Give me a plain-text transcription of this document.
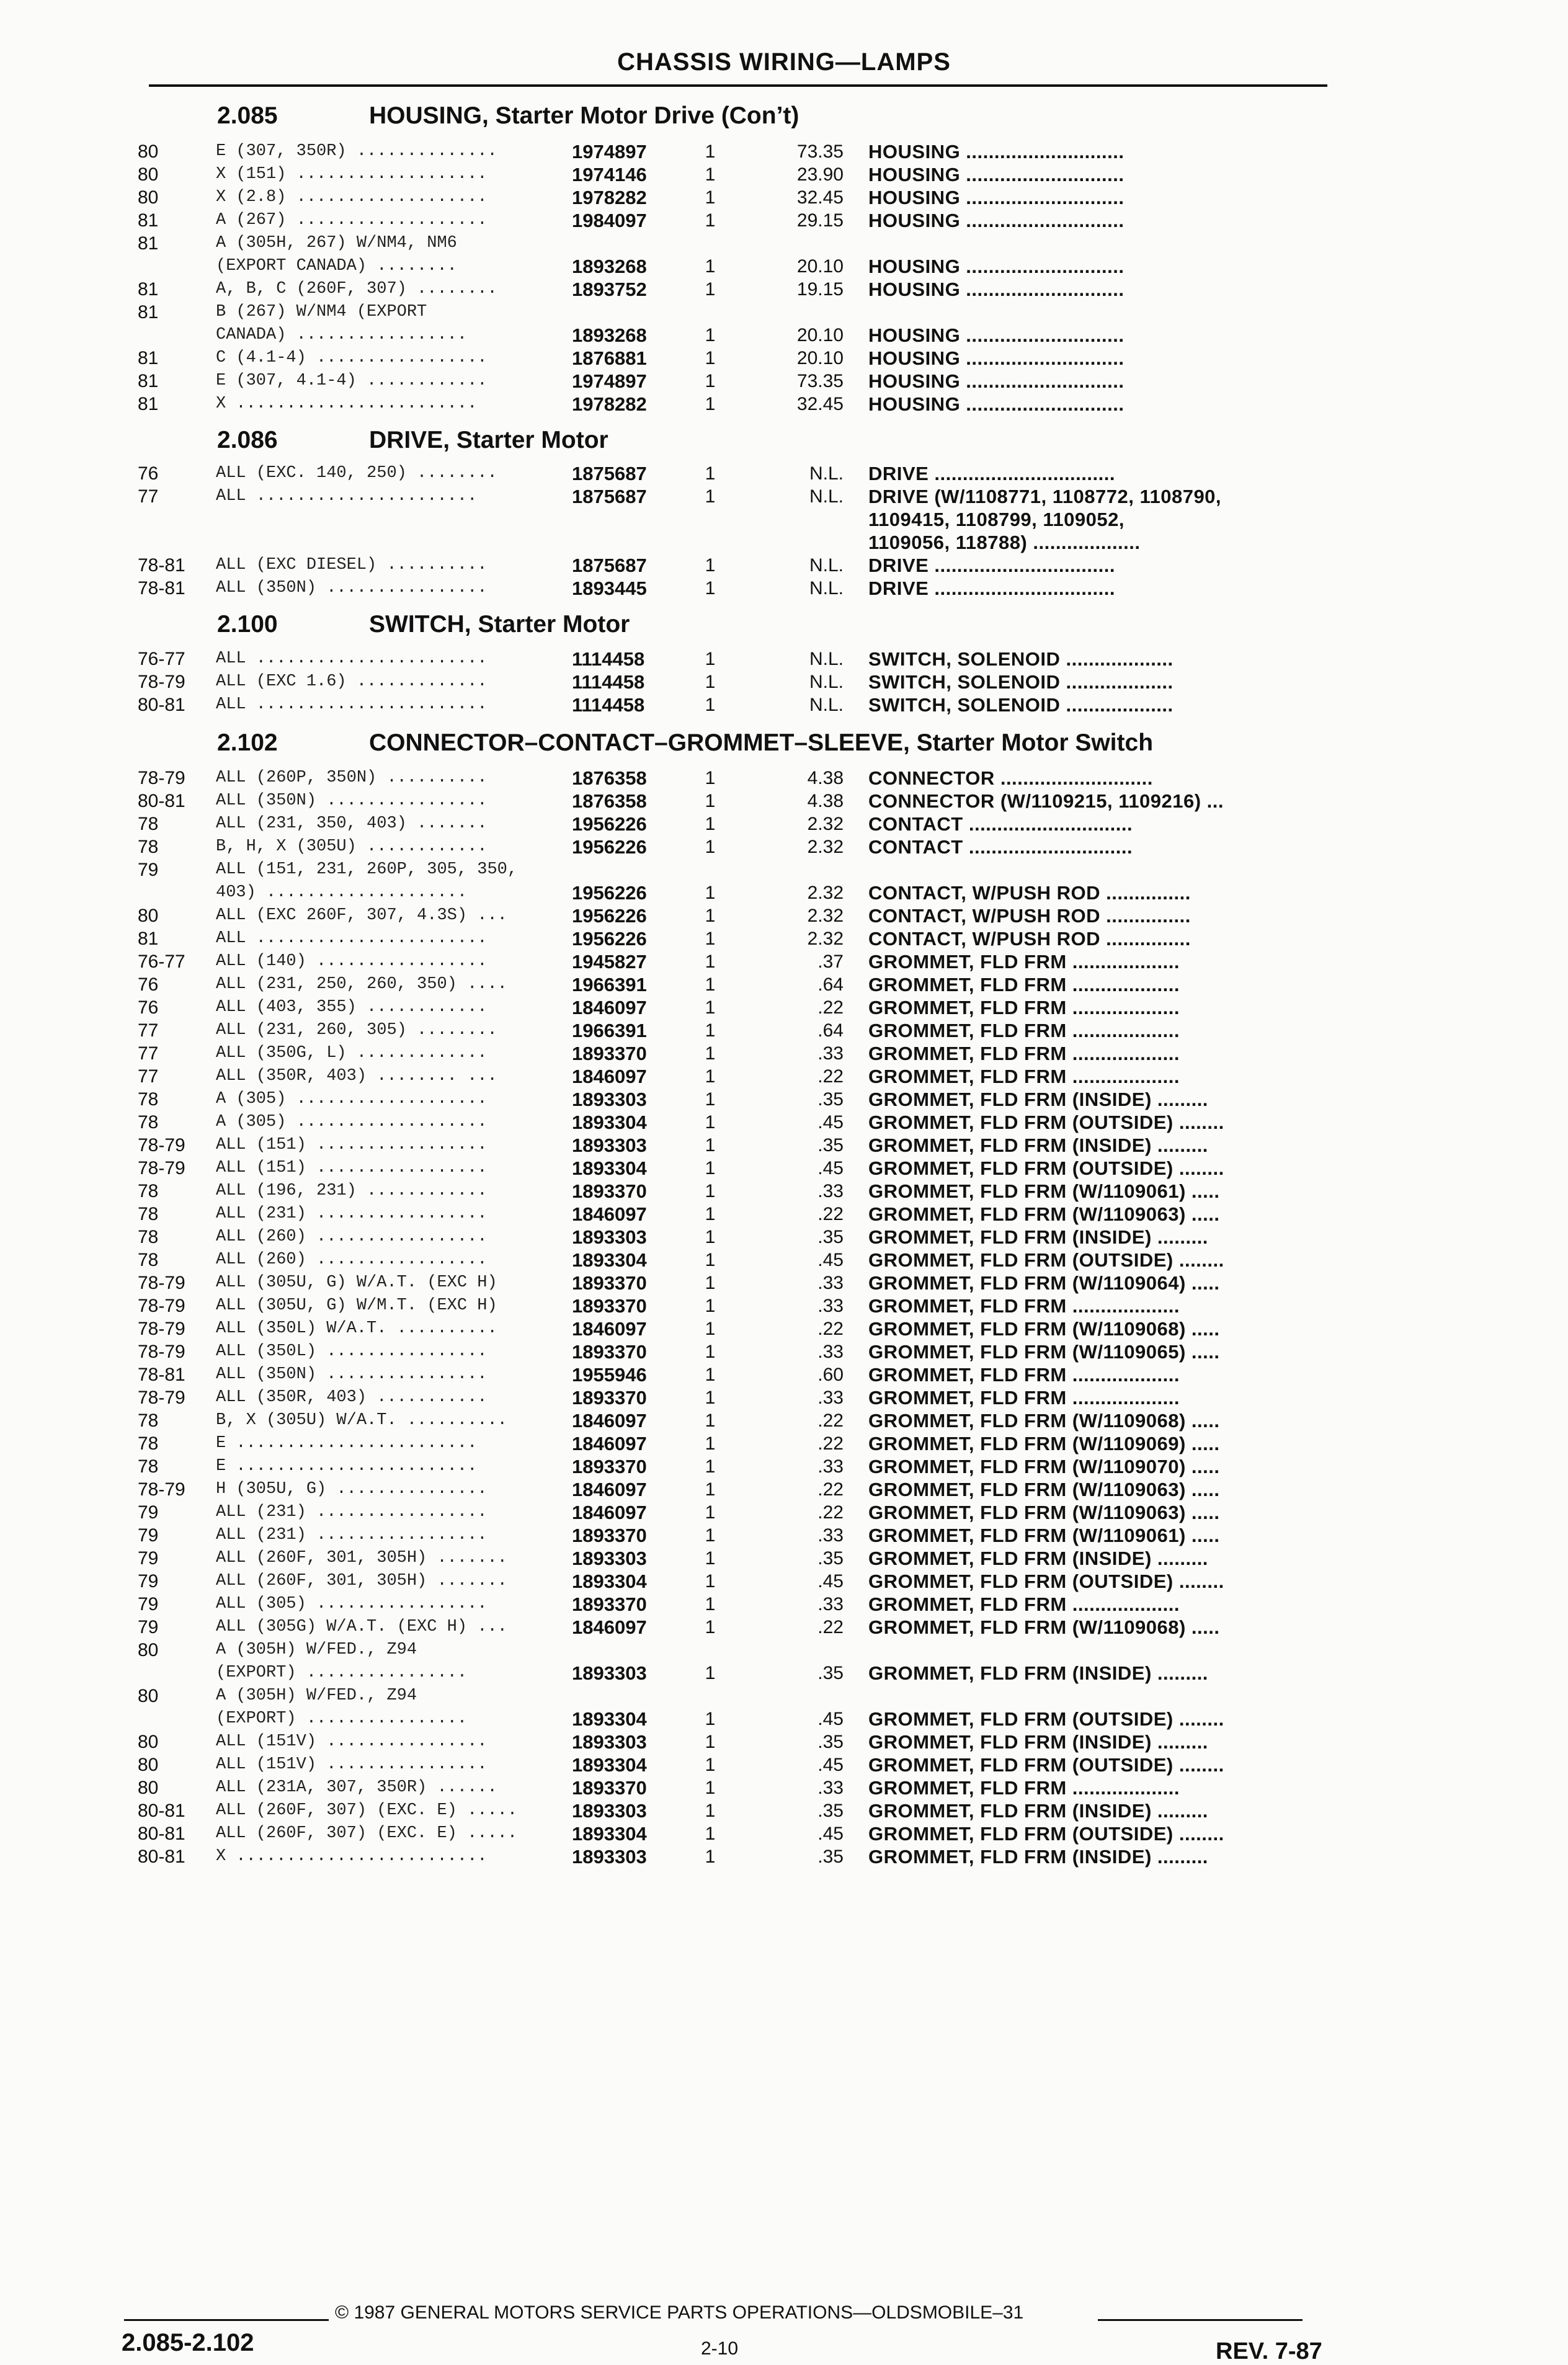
CHASSIS WIRING—LAMPS
2.085	HOUSING, Starter Motor Drive (Con’t)
80	E (307, 350R) ..............	1974897	1	73.35 HOUSING ............................
80	X (151) ...................	1974146	1	23.90 HOUSING ............................
80	X (2.8) ...................	1978282	1	32.45 HOUSING ............................
81	A (267) ...................	1984097	1	29.15 HOUSING ............................
81	A (305H, 267) W/NM4, NM6
(EXPORT CANADA) ........	1893268	1	20.10 HOUSING ............................
81	A, B, C (260F, 307) ........	1893752	1	19.15 HOUSING ............................
81	B (267) W/NM4 (EXPORT
CANADA) .................	1893268	1	20.10 HOUSING ............................
81	C (4.1-4) .................	1876881	1	20.10 HOUSING ............................
81	E (307, 4.1-4) ............	1974897	1	73.35 HOUSING ............................
81	X ........................	1978282	1	32.45 HOUSING ............................
2.086	DRIVE, Starter Motor
76	ALL (EXC. 140, 250) ........	1875687	1	N.L. DRIVE ................................
77	ALL ......................	1875687	1	N.L. DRIVE (W/1108771, 1108772, 1108790,
1109415, 1108799, 1109052,
1109056, 118788) ...................
78-81	ALL (EXC DIESEL) ..........	1875687	1	N.L. DRIVE ................................
78-81	ALL (350N) ................	1893445	1	N.L. DRIVE ................................
2.100	SWITCH, Starter Motor
76-77	ALL .......................	1114458	1	N.L. SWITCH, SOLENOID ...................
78-79	ALL (EXC 1.6) .............	1114458	1	N.L. SWITCH, SOLENOID ...................
80-81	ALL .......................	1114458	1	N.L. SWITCH, SOLENOID ...................
2.102	CONNECTOR–CONTACT–GROMMET–SLEEVE, Starter Motor Switch
78-79	ALL (260P, 350N) ..........	1876358	1	4.38 CONNECTOR ...........................
80-81	ALL (350N) ................	1876358	1	4.38 CONNECTOR (W/1109215, 1109216) ...
78	ALL (231, 350, 403) .......	1956226	1	2.32 CONTACT .............................
78	B, H, X (305U) ............	1956226	1	2.32 CONTACT .............................
79	ALL (151, 231, 260P, 305, 350,
403) ....................	1956226	1	2.32 CONTACT, W/PUSH ROD ...............
80	ALL (EXC 260F, 307, 4.3S) ...	1956226	1	2.32 CONTACT, W/PUSH ROD ...............
81	ALL .......................	1956226	1	2.32 CONTACT, W/PUSH ROD ...............
76-77	ALL (140) .................	1945827	1	.37 GROMMET, FLD FRM ...................
76	ALL (231, 250, 260, 350) ....	1966391	1	.64 GROMMET, FLD FRM ...................
76	ALL (403, 355) ............	1846097	1	.22 GROMMET, FLD FRM ...................
77	ALL (231, 260, 305) ........	1966391	1	.64 GROMMET, FLD FRM ...................
77	ALL (350G, L) .............	1893370	1	.33 GROMMET, FLD FRM ...................
77	ALL (350R, 403) ........ ...	1846097	1	.22 GROMMET, FLD FRM ...................
78	A (305) ...................	1893303	1	.35 GROMMET, FLD FRM (INSIDE) .........
78	A (305) ...................	1893304	1	.45 GROMMET, FLD FRM (OUTSIDE) ........
78-79	ALL (151) .................	1893303	1	.35 GROMMET, FLD FRM (INSIDE) .........
78-79	ALL (151) .................	1893304	1	.45 GROMMET, FLD FRM (OUTSIDE) ........
78	ALL (196, 231) ............	1893370	1	.33 GROMMET, FLD FRM (W/1109061) .....
78	ALL (231) .................	1846097	1	.22 GROMMET, FLD FRM (W/1109063) .....
78	ALL (260) .................	1893303	1	.35 GROMMET, FLD FRM (INSIDE) .........
78	ALL (260) .................	1893304	1	.45 GROMMET, FLD FRM (OUTSIDE) ........
78-79	ALL (305U, G) W/A.T. (EXC H)	1893370	1	.33 GROMMET, FLD FRM (W/1109064) .....
78-79	ALL (305U, G) W/M.T. (EXC H)	1893370	1	.33 GROMMET, FLD FRM ...................
78-79	ALL (350L) W/A.T. ..........	1846097	1	.22 GROMMET, FLD FRM (W/1109068) .....
78-79	ALL (350L) ................	1893370	1	.33 GROMMET, FLD FRM (W/1109065) .....
78-81	ALL (350N) ................	1955946	1	.60 GROMMET, FLD FRM ...................
78-79	ALL (350R, 403) ...........	1893370	1	.33 GROMMET, FLD FRM ...................
78	B, X (305U) W/A.T. ..........	1846097	1	.22 GROMMET, FLD FRM (W/1109068) .....
78	E ........................	1846097	1	.22 GROMMET, FLD FRM (W/1109069) .....
78	E ........................	1893370	1	.33 GROMMET, FLD FRM (W/1109070) .....
78-79	H (305U, G) ...............	1846097	1	.22 GROMMET, FLD FRM (W/1109063) .....
79	ALL (231) .................	1846097	1	.22 GROMMET, FLD FRM (W/1109063) .....
79	ALL (231) .................	1893370	1	.33 GROMMET, FLD FRM (W/1109061) .....
79	ALL (260F, 301, 305H) .......	1893303	1	.35 GROMMET, FLD FRM (INSIDE) .........
79	ALL (260F, 301, 305H) .......	1893304	1	.45 GROMMET, FLD FRM (OUTSIDE) ........
79	ALL (305) .................	1893370	1	.33 GROMMET, FLD FRM ...................
79	ALL (305G) W/A.T. (EXC H) ...	1846097	1	.22 GROMMET, FLD FRM (W/1109068) .....
80	A (305H) W/FED., Z94
(EXPORT) ................	1893303	1	.35 GROMMET, FLD FRM (INSIDE) .........
80	A (305H) W/FED., Z94
(EXPORT) ................	1893304	1	.45 GROMMET, FLD FRM (OUTSIDE) ........
80	ALL (151V) ................	1893303	1	.35 GROMMET, FLD FRM (INSIDE) .........
80	ALL (151V) ................	1893304	1	.45 GROMMET, FLD FRM (OUTSIDE) ........
80	ALL (231A, 307, 350R) ......	1893370	1	.33 GROMMET, FLD FRM ...................
80-81	ALL (260F, 307) (EXC. E) .....	1893303	1	.35 GROMMET, FLD FRM (INSIDE) .........
80-81	ALL (260F, 307) (EXC. E) .....	1893304	1	.45 GROMMET, FLD FRM (OUTSIDE) ........
80-81	X .........................	1893303	1	.35 GROMMET, FLD FRM (INSIDE) .........
© 1987 GENERAL MOTORS SERVICE PARTS OPERATIONS—OLDSMOBILE–31
2.085-2.102	2-10	REV. 7-87
